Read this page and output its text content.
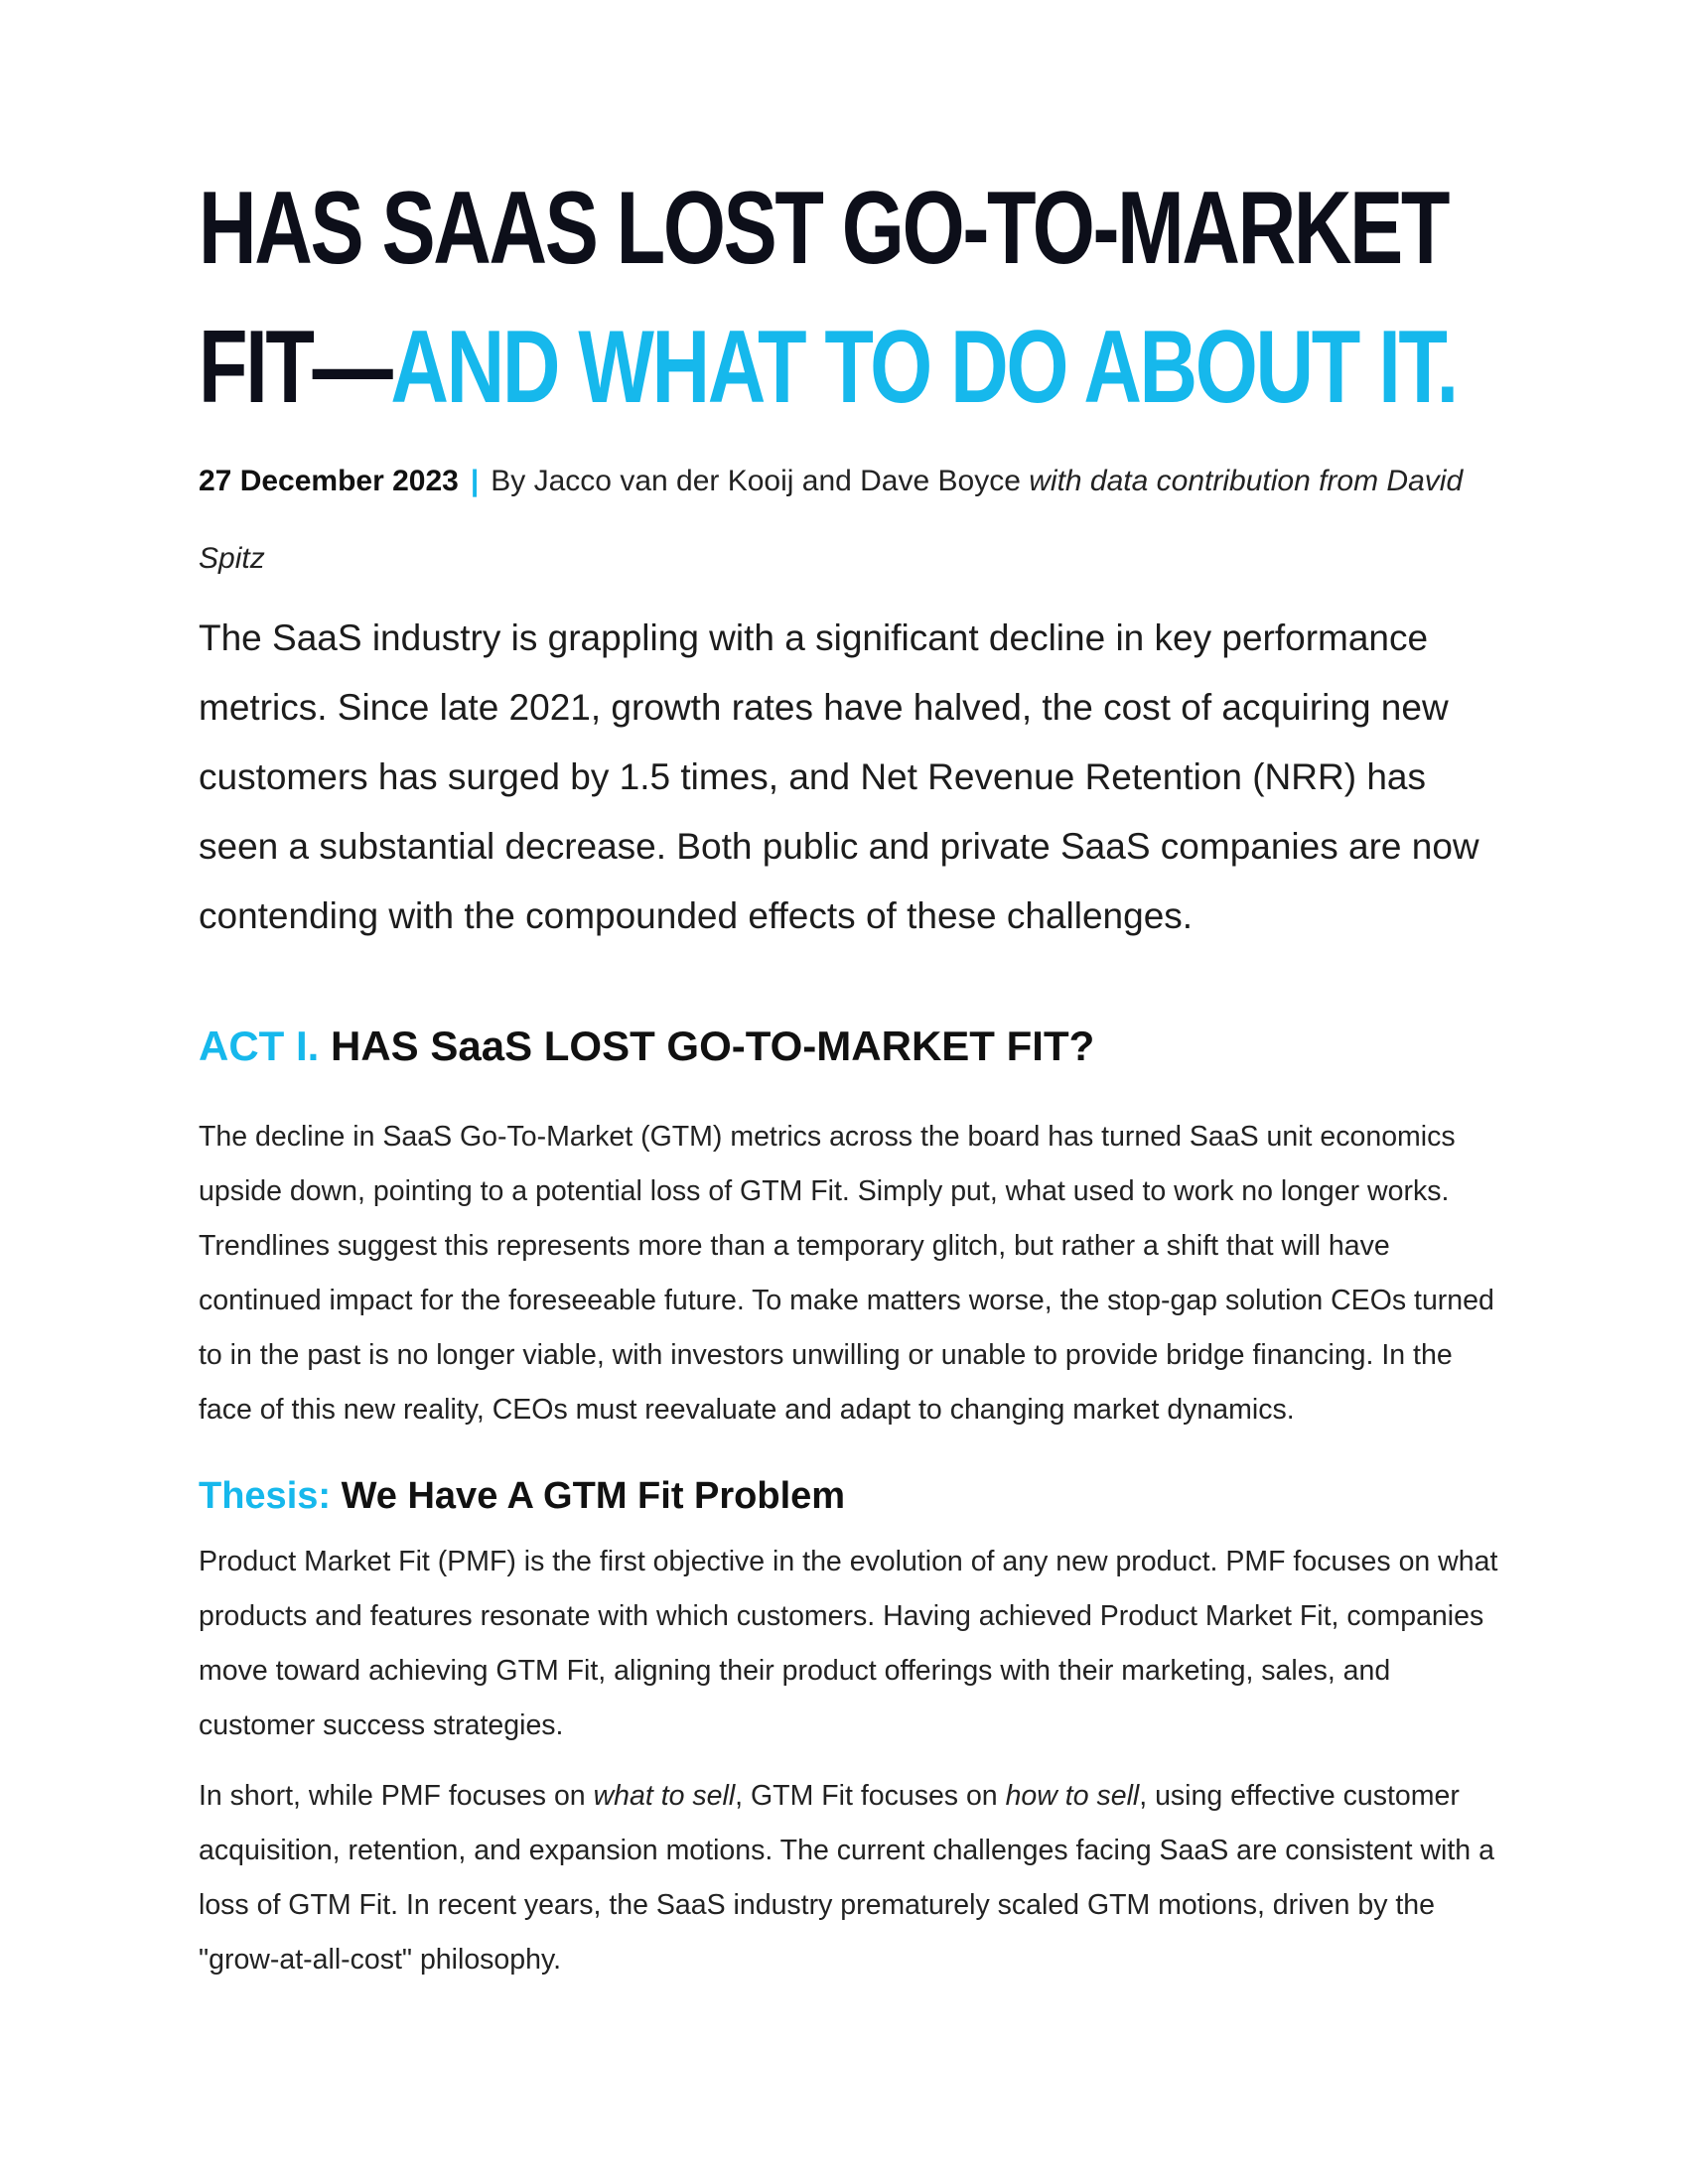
HAS SAAS LOST GO-TO-MARKET
FIT—AND WHAT TO DO ABOUT IT.
27 December 2023 | By Jacco van der Kooij and Dave Boyce with data contribution from David Spitz

The SaaS industry is grappling with a significant decline in key performance metrics. Since late 2021, growth rates have halved, the cost of acquiring new customers has surged by 1.5 times, and Net Revenue Retention (NRR) has seen a substantial decrease. Both public and private SaaS companies are now contending with the compounded effects of these challenges.

ACT I. HAS SaaS LOST GO-TO-MARKET FIT?

The decline in SaaS Go-To-Market (GTM) metrics across the board has turned SaaS unit economics upside down, pointing to a potential loss of GTM Fit. Simply put, what used to work no longer works. Trendlines suggest this represents more than a temporary glitch, but rather a shift that will have continued impact for the foreseeable future. To make matters worse, the stop-gap solution CEOs turned to in the past is no longer viable, with investors unwilling or unable to provide bridge financing. In the face of this new reality, CEOs must reevaluate and adapt to changing market dynamics.

Thesis: We Have A GTM Fit Problem

Product Market Fit (PMF) is the first objective in the evolution of any new product. PMF focuses on what products and features resonate with which customers. Having achieved Product Market Fit, companies move toward achieving GTM Fit, aligning their product offerings with their marketing, sales, and customer success strategies.

In short, while PMF focuses on what to sell, GTM Fit focuses on how to sell, using effective customer acquisition, retention, and expansion motions. The current challenges facing SaaS are consistent with a loss of GTM Fit. In recent years, the SaaS industry prematurely scaled GTM motions, driven by the "grow-at-all-cost" philosophy.
